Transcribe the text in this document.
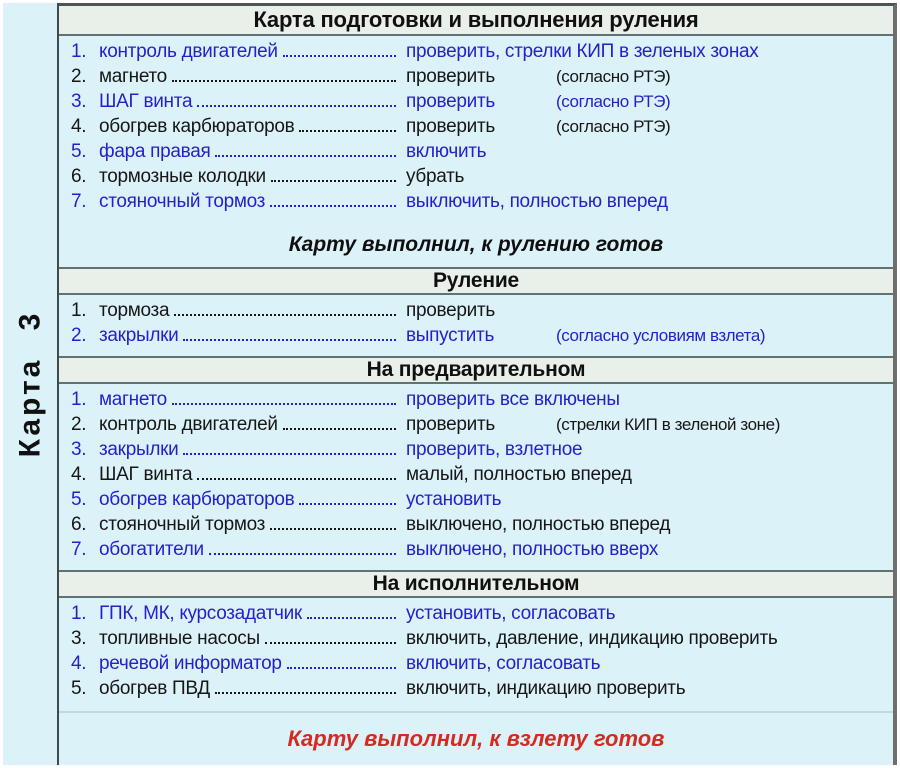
Карта 3
Карта подготовки и выполнения руления
1. контроль двигателей	проверить, стрелки КИП в зеленых зонах
2. магнето	проверить	(согласно РТЭ)
3. ШАГ винта	проверить	(согласно РТЭ)
4. обогрев карбюраторов	проверить	(согласно РТЭ)
5. фара правая	включить
6. тормозные колодки	убрать
7. стояночный тормоз	выключить, полностью вперед
Карту выполнил, к рулению готов
Руление
1. тормоза	проверить
2. закрылки	выпустить	(согласно условиям взлета)
На предварительном
1. магнето	проверить все включены
2. контроль двигателей	проверить	(стрелки КИП в зеленой зоне)
3. закрылки	проверить, взлетное
4. ШАГ винта	малый, полностью вперед
5. обогрев карбюраторов	установить
6. стояночный тормоз	выключено, полностью вперед
7. обогатители	выключено, полностью вверх
На исполнительном
1. ГПК, МК, курсозадатчик	установить, согласовать
3. топливные насосы	включить, давление, индикацию проверить
4. речевой информатор	включить, согласовать
5. обогрев ПВД	включить, индикацию проверить
Карту выполнил, к взлету готов
